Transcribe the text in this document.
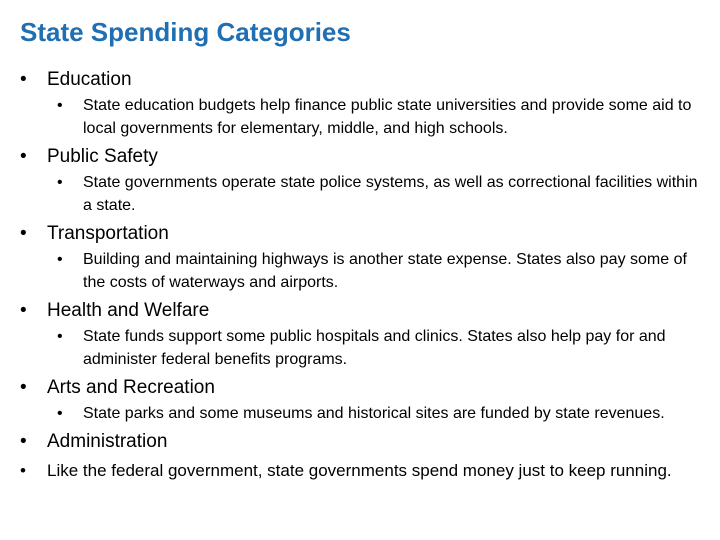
State Spending Categories
• Education
• State education budgets help finance public state universities and provide some aid to local governments for elementary, middle, and high schools.
• Public Safety
• State governments operate state police systems, as well as correctional facilities within a state.
• Transportation
• Building and maintaining highways is another state expense. States also pay some of the costs of waterways and airports.
• Health and Welfare
• State funds support some public hospitals and clinics. States also help pay for and administer federal benefits programs.
• Arts and Recreation
• State parks and some museums and historical sites are funded by state revenues.
• Administration
• Like the federal government, state governments spend money just to keep running.
